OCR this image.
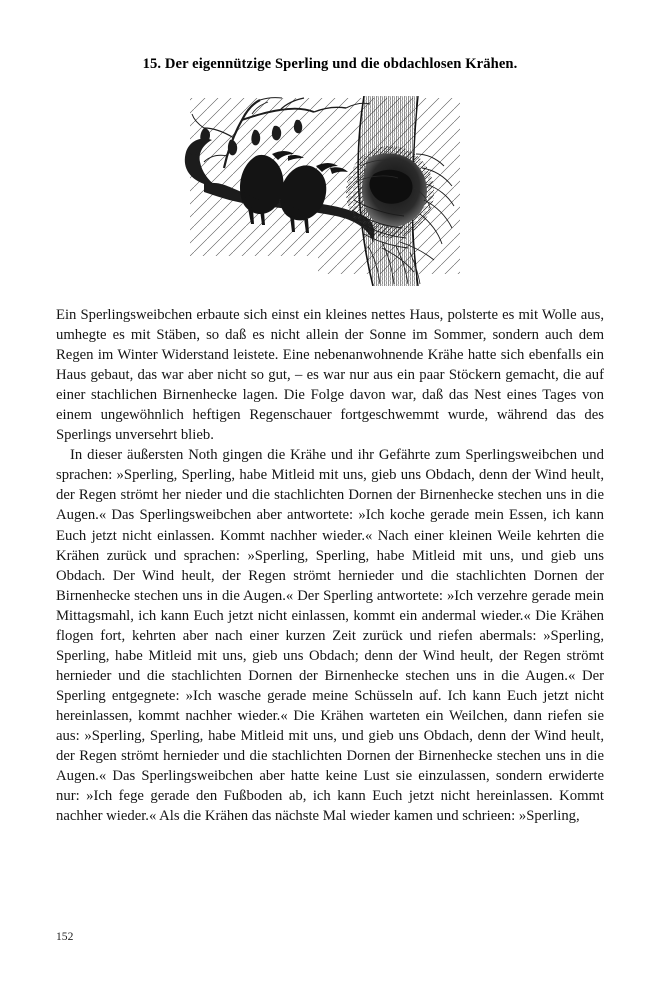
15. Der eigennützige Sperling und die obdachlosen Krähen.

Ein Sperlingsweibchen erbaute sich einst ein kleines nettes Haus, polsterte es mit Wolle aus, umhegte es mit Stäben, so daß es nicht allein der Sonne im Sommer, sondern auch dem Regen im Winter Widerstand leistete. Eine nebenanwohnende Krähe hatte sich ebenfalls ein Haus gebaut, das war aber nicht so gut, – es war nur aus ein paar Stöckern gemacht, die auf einer stachlichen Birnenhecke lagen. Die Folge davon war, daß das Nest eines Tages von einem ungewöhnlich heftigen Regenschauer fortgeschwemmt wurde, während das des Sperlings unversehrt blieb.

In dieser äußersten Noth gingen die Krähe und ihr Gefährte zum Sperlingsweibchen und sprachen: »Sperling, Sperling, habe Mitleid mit uns, gieb uns Obdach, denn der Wind heult, der Regen strömt her nieder und die stachlichten Dornen der Birnenhecke stechen uns in die Augen.« Das Sperlingsweibchen aber antwortete: »Ich koche gerade mein Essen, ich kann Euch jetzt nicht einlassen. Kommt nachher wieder.« Nach einer kleinen Weile kehrten die Krähen zurück und sprachen: »Sperling, Sperling, habe Mitleid mit uns, und gieb uns Obdach. Der Wind heult, der Regen strömt hernieder und die stachlichten Dornen der Birnenhecke stechen uns in die Augen.« Der Sperling antwortete: »Ich verzehre gerade mein Mittagsmahl, ich kann Euch jetzt nicht einlassen, kommt ein andermal wieder.« Die Krähen flogen fort, kehrten aber nach einer kurzen Zeit zurück und riefen abermals: »Sperling, Sperling, habe Mitleid mit uns, gieb uns Obdach; denn der Wind heult, der Regen strömt hernieder und die stachlichten Dornen der Birnenhecke stechen uns in die Augen.« Der Sperling entgegnete: »Ich wasche gerade meine Schüsseln auf. Ich kann Euch jetzt nicht hereinlassen, kommt nachher wieder.« Die Krähen warteten ein Weilchen, dann riefen sie aus: »Sperling, Sperling, habe Mitleid mit uns, und gieb uns Obdach, denn der Wind heult, der Regen strömt hernieder und die stachlichten Dornen der Birnenhecke stechen uns in die Augen.« Das Sperlingsweibchen aber hatte keine Lust sie einzulassen, sondern erwiderte nur: »Ich fege gerade den Fußboden ab, ich kann Euch jetzt nicht hereinlassen. Kommt nachher wieder.« Als die Krähen das nächste Mal wieder kamen und schrieen: »Sperling,

152
